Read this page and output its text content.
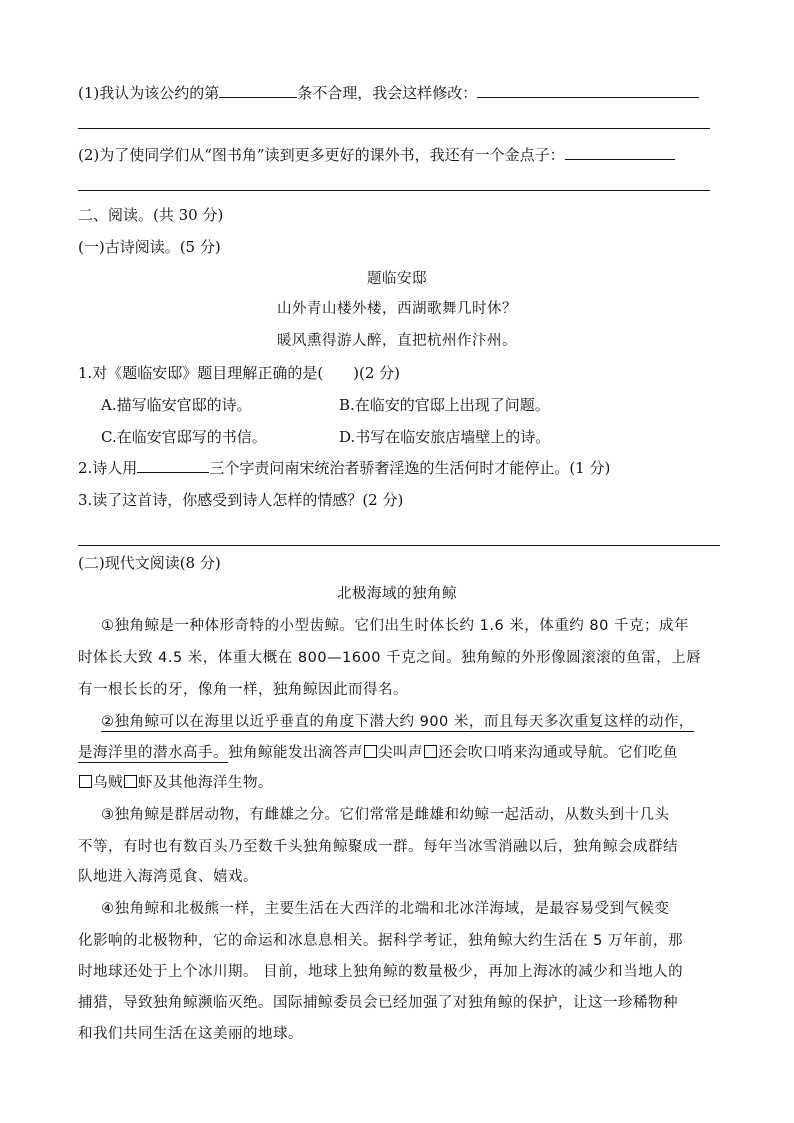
(1)我认为该公约的第	条不合理，我会这样修改：
(2)为了使同学们从“图书角”读到更多更好的课外书，我还有一个金点子：
二、阅读。(共 30 分)
(一)古诗阅读。(5 分)
题临安邸
山外青山楼外楼，西湖歌舞几时休？
暖风熏得游人醉，直把杭州作汴州。
1.对《题临安邸》题目理解正确的是(　　)(2 分)
A.描写临安官邸的诗。	B.在临安的官邸上出现了问题。
C.在临安官邸写的书信。	D.书写在临安旅店墙壁上的诗。
2.诗人用	三个字责问南宋统治者骄奢淫逸的生活何时才能停止。(1 分)
3.读了这首诗，你感受到诗人怎样的情感？(2 分)
(二)现代文阅读(8 分)
北极海域的独角鲸
①独角鲸是一种体形奇特的小型齿鲸。它们出生时体长约 1.6 米，体重约 80 千克；成年
时体长大致 4.5 米，体重大概在 800—1600 千克之间。独角鲸的外形像圆滚滚的鱼雷，上唇
有一根长长的牙，像角一样，独角鲸因此而得名。
②独角鲸可以在海里以近乎垂直的角度下潜大约 900 米，而且每天多次重复这样的动作，
是海洋里的潜水高手。独角鲸能发出滴答声 尖叫声 还会吹口哨来沟通或导航。它们吃鱼
乌贼 虾及其他海洋生物。
③独角鲸是群居动物，有雌雄之分。它们常常是雌雄和幼鲸一起活动，从数头到十几头
不等，有时也有数百头乃至数千头独角鲸聚成一群。每年当冰雪消融以后，独角鲸会成群结
队地进入海湾觅食、嬉戏。
④独角鲸和北极熊一样，主要生活在大西洋的北端和北冰洋海域，是最容易受到气候变
化影响的北极物种，它的命运和冰息息相关。据科学考证，独角鲸大约生活在 5 万年前，那
时地球还处于上个冰川期。 目前，地球上独角鲸的数量极少，再加上海冰的减少和当地人的
捕猎，导致独角鲸濒临灭绝。国际捕鲸委员会已经加强了对独角鲸的保护，让这一珍稀物种
和我们共同生活在这美丽的地球。
